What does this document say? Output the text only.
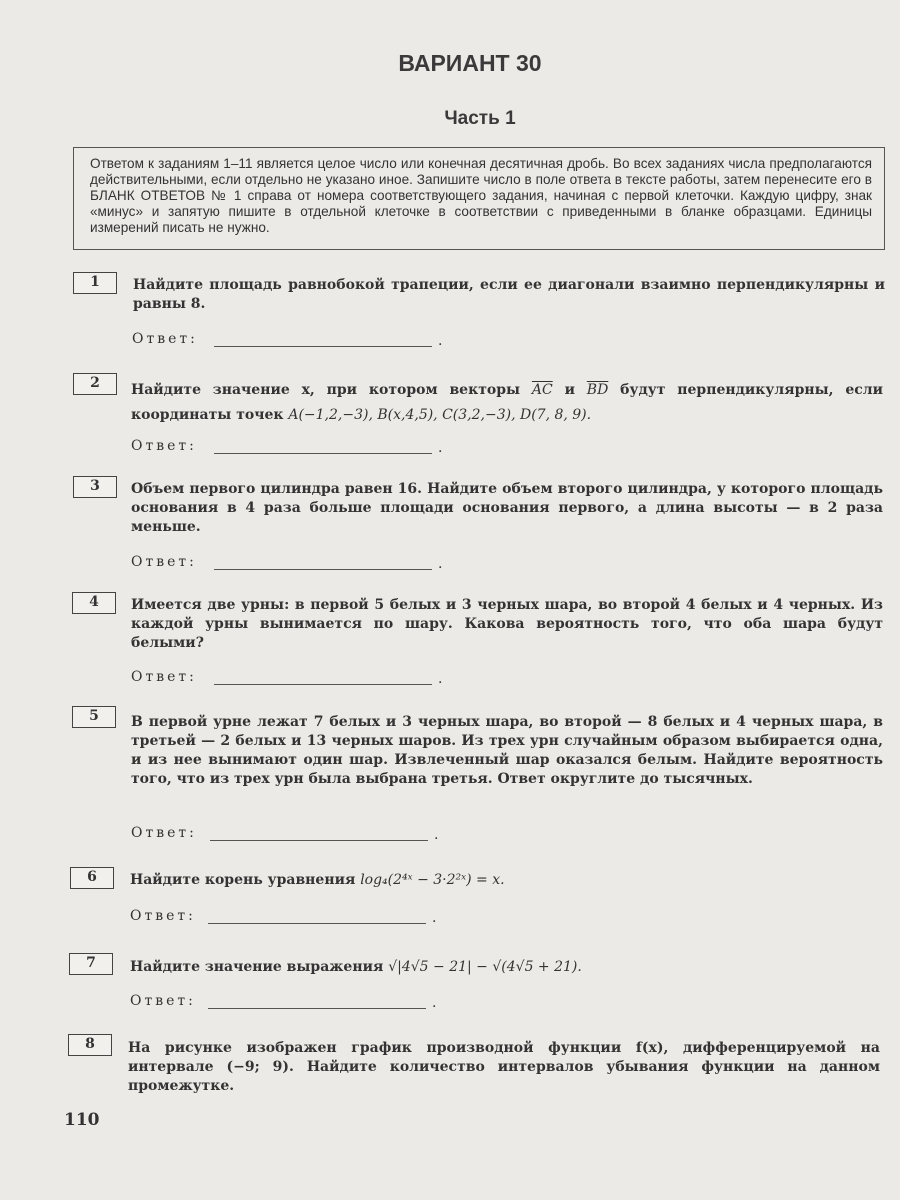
ВАРИАНТ 30
Часть 1
Ответом к заданиям 1–11 является целое число или конечная десятичная дробь. Во всех заданиях числа предполагаются действительными, если отдельно не указано иное. Запишите число в поле ответа в тексте работы, затем перенесите его в БЛАНК ОТВЕТОВ № 1 справа от номера соответствующего задания, начиная с первой клеточки. Каждую цифру, знак «минус» и запятую пишите в отдельной клеточке в соответствии с приведенными в бланке образцами. Единицы измерений писать не нужно.
1	Найдите площадь равнобокой трапеции, если ее диагонали взаимно перпендикулярны и равны 8.
Ответ:	.
2	Найдите значение x, при котором векторы $\overline{AC}$ и $\overline{BD}$ будут перпендикулярны, если координаты точек A(−1,2,−3), B(x,4,5), C(3,2,−3), D(7, 8, 9).
Ответ:	.
3	Объем первого цилиндра равен 16. Найдите объем второго цилиндра, у которого площадь основания в 4 раза больше площади основания первого, а длина высоты — в 2 раза меньше.
Ответ:	.
4	Имеется две урны: в первой 5 белых и 3 черных шара, во второй 4 белых и 4 черных. Из каждой урны вынимается по шару. Какова вероятность того, что оба шара будут белыми?
Ответ:	.
5	В первой урне лежат 7 белых и 3 черных шара, во второй — 8 белых и 4 черных шара, в третьей — 2 белых и 13 черных шаров. Из трех урн случайным образом выбирается одна, и из нее вынимают один шар. Извлеченный шар оказался белым. Найдите вероятность того, что из трех урн была выбрана третья. Ответ округлите до тысячных.
Ответ:	.
6	Найдите корень уравнения log₄(2⁴ˣ − 3·2²ˣ) = x.
Ответ:	.
7	Найдите значение выражения √|4√5 − 21| − √(4√5 + 21).
Ответ:	.
8	На рисунке изображен график производной функции f(x), дифференцируемой на интервале (−9; 9). Найдите количество интервалов убывания функции на данном промежутке.
110
